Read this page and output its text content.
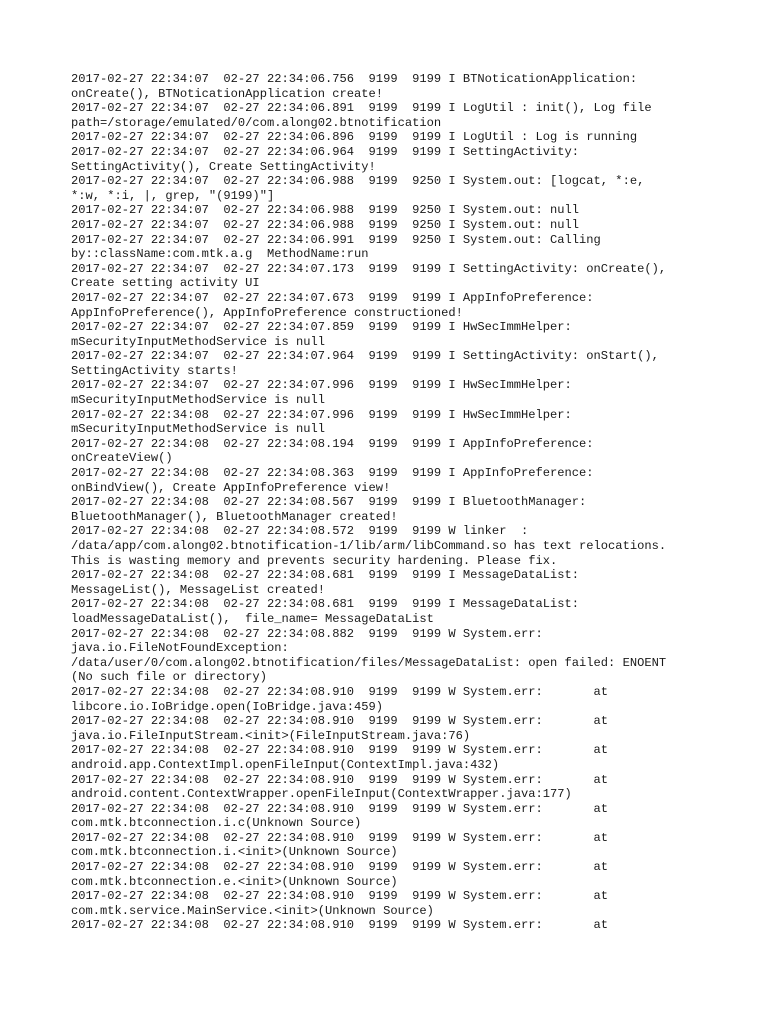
2017-02-27 22:34:07  02-27 22:34:06.756  9199  9199 I BTNoticationApplication:
onCreate(), BTNoticationApplication create!
2017-02-27 22:34:07  02-27 22:34:06.891  9199  9199 I LogUtil : init(), Log file
path=/storage/emulated/0/com.along02.btnotification
2017-02-27 22:34:07  02-27 22:34:06.896  9199  9199 I LogUtil : Log is running
2017-02-27 22:34:07  02-27 22:34:06.964  9199  9199 I SettingActivity:
SettingActivity(), Create SettingActivity!
2017-02-27 22:34:07  02-27 22:34:06.988  9199  9250 I System.out: [logcat, *:e,
*:w, *:i, |, grep, "(9199)"]
2017-02-27 22:34:07  02-27 22:34:06.988  9199  9250 I System.out: null
2017-02-27 22:34:07  02-27 22:34:06.988  9199  9250 I System.out: null
2017-02-27 22:34:07  02-27 22:34:06.991  9199  9250 I System.out: Calling
by::className:com.mtk.a.g  MethodName:run
2017-02-27 22:34:07  02-27 22:34:07.173  9199  9199 I SettingActivity: onCreate(),
Create setting activity UI
2017-02-27 22:34:07  02-27 22:34:07.673  9199  9199 I AppInfoPreference:
AppInfoPreference(), AppInfoPreference constructioned!
2017-02-27 22:34:07  02-27 22:34:07.859  9199  9199 I HwSecImmHelper:
mSecurityInputMethodService is null
2017-02-27 22:34:07  02-27 22:34:07.964  9199  9199 I SettingActivity: onStart(),
SettingActivity starts!
2017-02-27 22:34:07  02-27 22:34:07.996  9199  9199 I HwSecImmHelper:
mSecurityInputMethodService is null
2017-02-27 22:34:08  02-27 22:34:07.996  9199  9199 I HwSecImmHelper:
mSecurityInputMethodService is null
2017-02-27 22:34:08  02-27 22:34:08.194  9199  9199 I AppInfoPreference:
onCreateView()
2017-02-27 22:34:08  02-27 22:34:08.363  9199  9199 I AppInfoPreference:
onBindView(), Create AppInfoPreference view!
2017-02-27 22:34:08  02-27 22:34:08.567  9199  9199 I BluetoothManager:
BluetoothManager(), BluetoothManager created!
2017-02-27 22:34:08  02-27 22:34:08.572  9199  9199 W linker  :
/data/app/com.along02.btnotification-1/lib/arm/libCommand.so has text relocations.
This is wasting memory and prevents security hardening. Please fix.
2017-02-27 22:34:08  02-27 22:34:08.681  9199  9199 I MessageDataList:
MessageList(), MessageList created!
2017-02-27 22:34:08  02-27 22:34:08.681  9199  9199 I MessageDataList:
loadMessageDataList(),  file_name= MessageDataList
2017-02-27 22:34:08  02-27 22:34:08.882  9199  9199 W System.err:
java.io.FileNotFoundException:
/data/user/0/com.along02.btnotification/files/MessageDataList: open failed: ENOENT
(No such file or directory)
2017-02-27 22:34:08  02-27 22:34:08.910  9199  9199 W System.err:       at
libcore.io.IoBridge.open(IoBridge.java:459)
2017-02-27 22:34:08  02-27 22:34:08.910  9199  9199 W System.err:       at
java.io.FileInputStream.<init>(FileInputStream.java:76)
2017-02-27 22:34:08  02-27 22:34:08.910  9199  9199 W System.err:       at
android.app.ContextImpl.openFileInput(ContextImpl.java:432)
2017-02-27 22:34:08  02-27 22:34:08.910  9199  9199 W System.err:       at
android.content.ContextWrapper.openFileInput(ContextWrapper.java:177)
2017-02-27 22:34:08  02-27 22:34:08.910  9199  9199 W System.err:       at
com.mtk.btconnection.i.c(Unknown Source)
2017-02-27 22:34:08  02-27 22:34:08.910  9199  9199 W System.err:       at
com.mtk.btconnection.i.<init>(Unknown Source)
2017-02-27 22:34:08  02-27 22:34:08.910  9199  9199 W System.err:       at
com.mtk.btconnection.e.<init>(Unknown Source)
2017-02-27 22:34:08  02-27 22:34:08.910  9199  9199 W System.err:       at
com.mtk.service.MainService.<init>(Unknown Source)
2017-02-27 22:34:08  02-27 22:34:08.910  9199  9199 W System.err:       at
